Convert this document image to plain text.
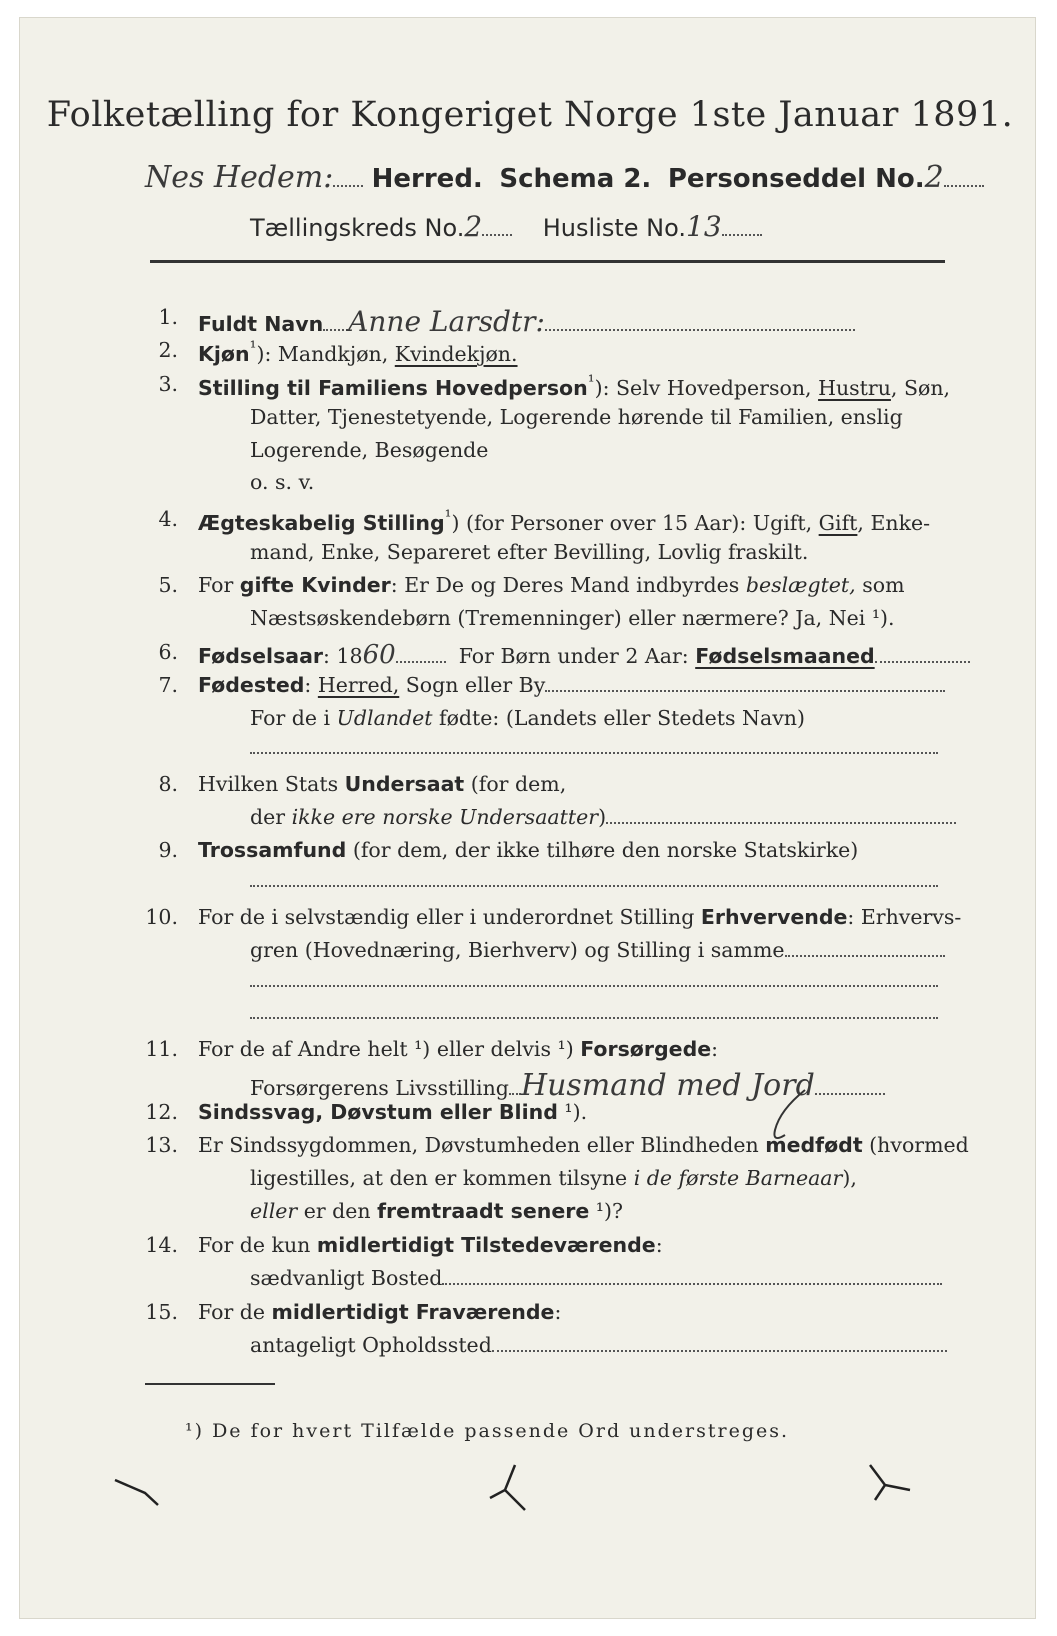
Folketælling for Kongeriget Norge 1ste Januar 1891.
Nes Hedem: Herred. Schema 2. Personseddel No.2
Tællingskreds No.2	Husliste No.13
1. Fuldt Navn Anne Larsdtr:
2. Kjøn$^{^1}$): Mandkjøn, Kvindekjøn.
3. Stilling til Familiens Hovedperson$^{^1}$): Selv Hovedperson, Hustru, Søn,
Datter, Tjenestetyende, Logerende hørende til Familien, enslig
Logerende, Besøgende
o. s. v.
4. Ægteskabelig Stilling$^{^1}$) (for Personer over 15 Aar): Ugift, Gift, Enke-
mand, Enke, Separeret efter Bevilling, Lovlig fraskilt.
5. For gifte Kvinder: Er De og Deres Mand indbyrdes beslægtet, som
Næstsøskendebørn (Tremenninger) eller nærmere? Ja, Nei ¹).
6. Fødselsaar: 1860	For Børn under 2 Aar: Fødselsmaaned
7. Fødested: Herred, Sogn eller By
For de i Udlandet fødte: (Landets eller Stedets Navn)
8. Hvilken Stats Undersaat (for dem,
der ikke ere norske Undersaatter)
9. Trossamfund (for dem, der ikke tilhøre den norske Statskirke)
10. For de i selvstændig eller i underordnet Stilling Erhvervende: Erhvervs-
gren (Hovednæring, Bierhverv) og Stilling i samme
11. For de af Andre helt ¹) eller delvis ¹) Forsørgede:
Forsørgerens Livsstilling Husmand med Jord
12. Sindssvag, Døvstum eller Blind ¹).
13. Er Sindssygdommen, Døvstumheden eller Blindheden medfødt (hvormed
ligestilles, at den er kommen tilsyne i de første Barneaar),
eller er den fremtraadt senere ¹)?
14. For de kun midlertidigt Tilstedeværende:
sædvanligt Bosted
15. For de midlertidigt Fraværende:
antageligt Opholdssted
¹) De for hvert Tilfælde passende Ord understreges.
